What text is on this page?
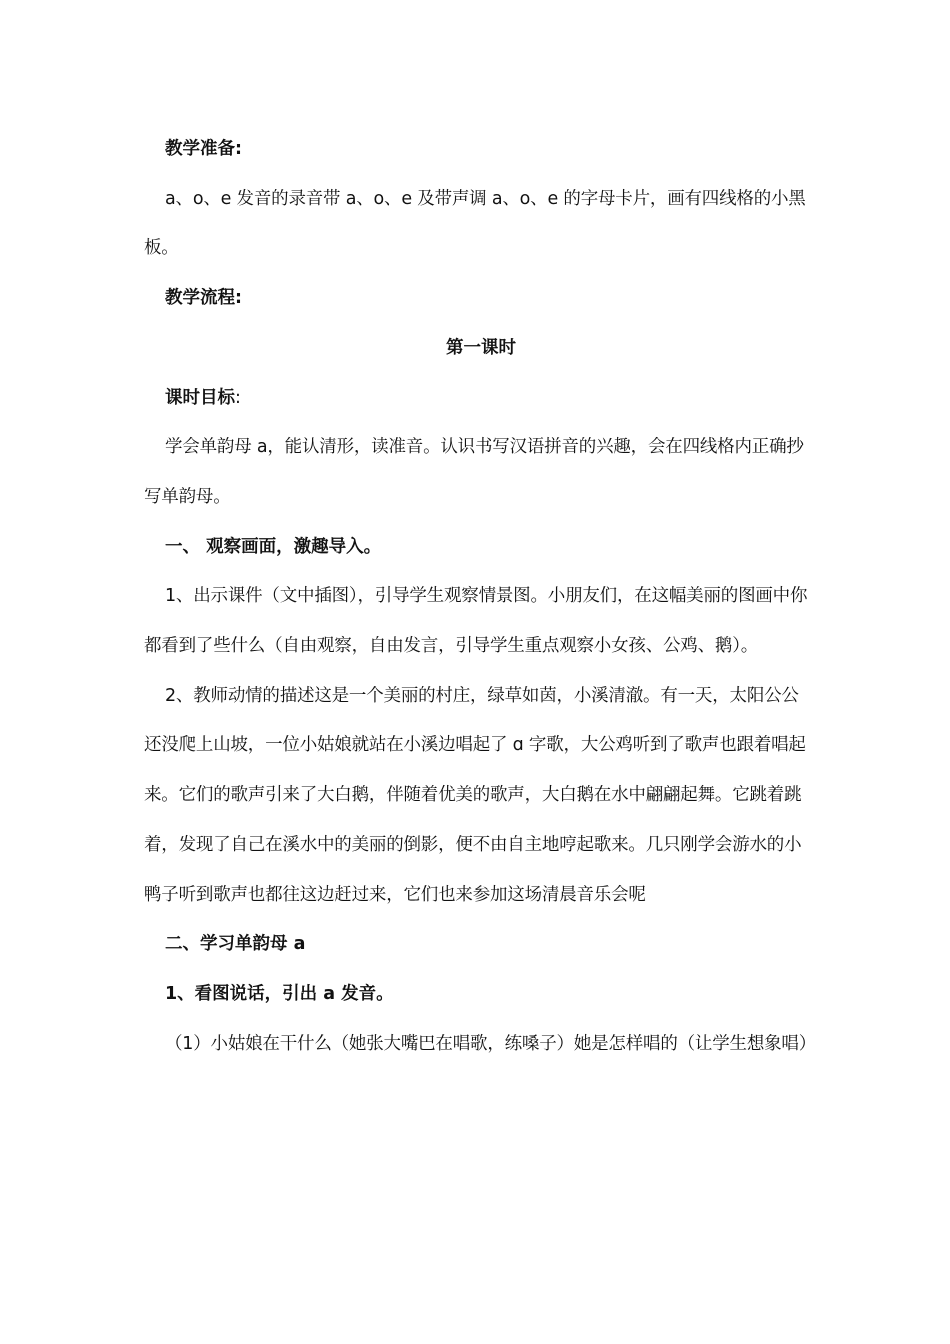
教学准备:

a、o、e 发音的录音带 a、o、e 及带声调 a、o、e 的字母卡片，画有四线格的小黑板。

教学流程:

第一课时

课时目标:

学会单韵母 a，能认清形，读准音。认识书写汉语拼音的兴趣，会在四线格内正确抄写单韵母。

一、 观察画面，激趣导入。

1、出示课件（文中插图），引导学生观察情景图。小朋友们，在这幅美丽的图画中你都看到了些什么（自由观察，自由发言，引导学生重点观察小女孩、公鸡、鹅）。

2、教师动情的描述这是一个美丽的村庄，绿草如茵，小溪清澈。有一天，太阳公公还没爬上山坡，一位小姑娘就站在小溪边唱起了 ɑ 字歌，大公鸡听到了歌声也跟着唱起来。它们的歌声引来了大白鹅，伴随着优美的歌声，大白鹅在水中翩翩起舞。它跳着跳着，发现了自己在溪水中的美丽的倒影，便不由自主地哼起歌来。几只刚学会游水的小鸭子听到歌声也都往这边赶过来，它们也来参加这场清晨音乐会呢

二、学习单韵母 a

1、看图说话，引出 a 发音。

（1）小姑娘在干什么（她张大嘴巴在唱歌，练嗓子）她是怎样唱的（让学生想象唱）
